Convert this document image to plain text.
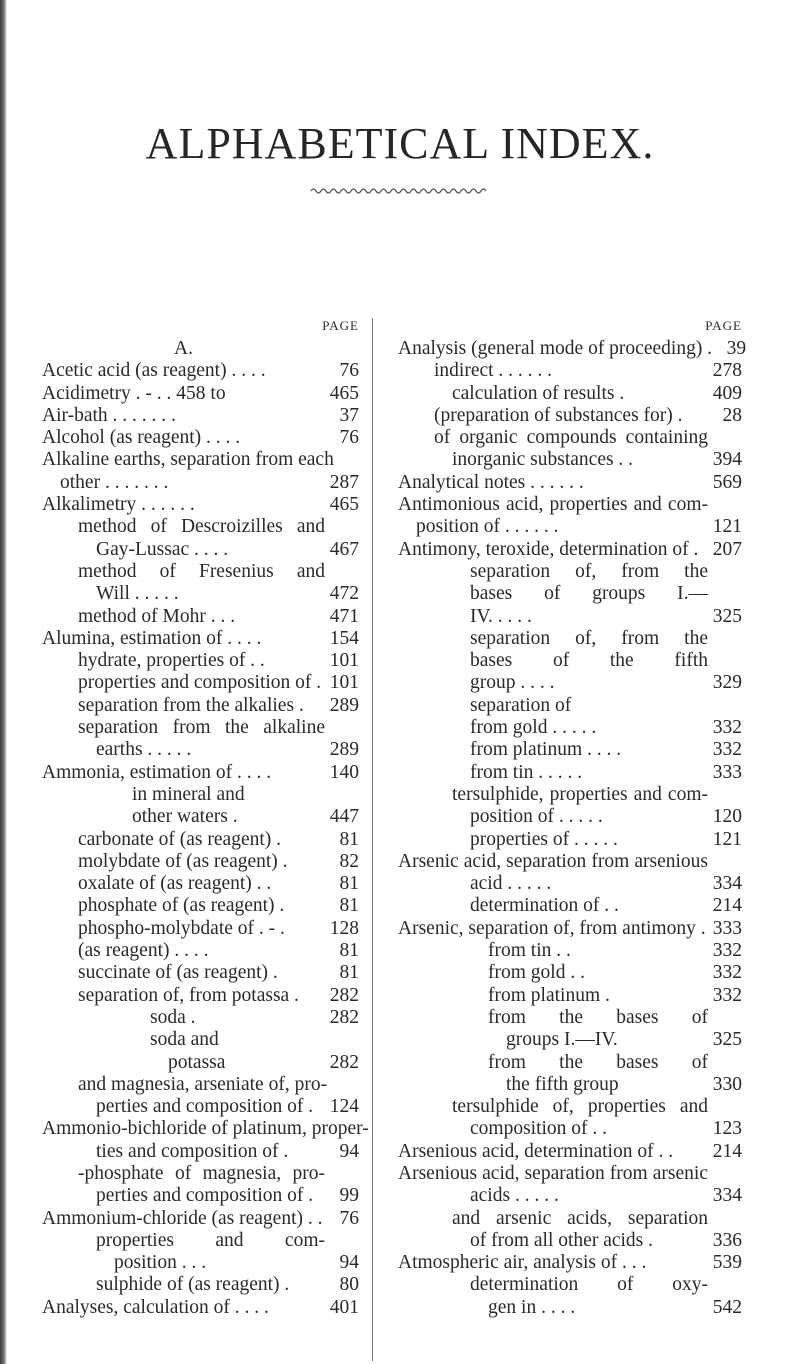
ALPHABETICAL INDEX.
PAGE
A.
Acetic acid (as reagent) . . . .	76
Acidimetry . - . . 458 to	465
Air-bath . . . . . . .	37
Alcohol (as reagent) . . . .	76
Alkaline earths, separation from each
other . . . . . . .	287
Alkalimetry . . . . . .	465
method of Descroizilles and
Gay-Lussac . . . .	467
method of Fresenius and
Will . . . . .	472
method of Mohr . . .	471
Alumina, estimation of . . . .	154
hydrate, properties of . .	101
properties and composition of . 101
separation from the alkalies .	289
separation from the alkaline
earths . . . . .	289
Ammonia, estimation of . . . .	140
in mineral and
other waters .	447
carbonate of (as reagent) .	81
molybdate of (as reagent) .	82
oxalate of (as reagent) . .	81
phosphate of (as reagent) .	81
phospho-molybdate of . - .	128
(as reagent) . . . .	81
succinate of (as reagent) .	81
separation of, from potassa .	282
soda .	282
soda and
potassa	282
and magnesia, arseniate of, pro-
perties and composition of . 124
Ammonio-bichloride of platinum, proper-
ties and composition of .	94
-phosphate of magnesia, pro-
perties and composition of .	99
Ammonium-chloride (as reagent) . . 76
properties and com-
position . . .	94
sulphide of (as reagent) .	80
Analyses, calculation of . . . .	401
PAGE
Analysis (general mode of proceeding) . 39
indirect . . . . . .	278
calculation of results .	409
(preparation of substances for) .	28
of organic compounds containing
inorganic substances . .	394
Analytical notes . . . . . .	569
Antimonious acid, properties and com-
position of . . . . . .	121
Antimony, teroxide, determination of . 207
separation of, from the
bases of groups I.—
IV. . . . .	325
separation of, from the
bases of the fifth
group . . . .	329
separation of
from gold . . . . .	332
from platinum . . . .	332
from tin . . . . .	333
tersulphide, properties and com-
position of . . . . .	120
properties of . . . . .	121
Arsenic acid, separation from arsenious
acid . . . . .	334
determination of . .	214
Arsenic, separation of, from antimony . 333
from tin . .	332
from gold . .	332
from platinum .	332
from the bases of
groups I.—IV.	325
from the bases of
the fifth group	330
tersulphide of, properties and
composition of . .	123
Arsenious acid, determination of . .	214
Arsenious acid, separation from arsenic
acids . . . . .	334
and arsenic acids, separation
of from all other acids .	336
Atmospheric air, analysis of . . .	539
determination of oxy-
gen in . . . .	542
